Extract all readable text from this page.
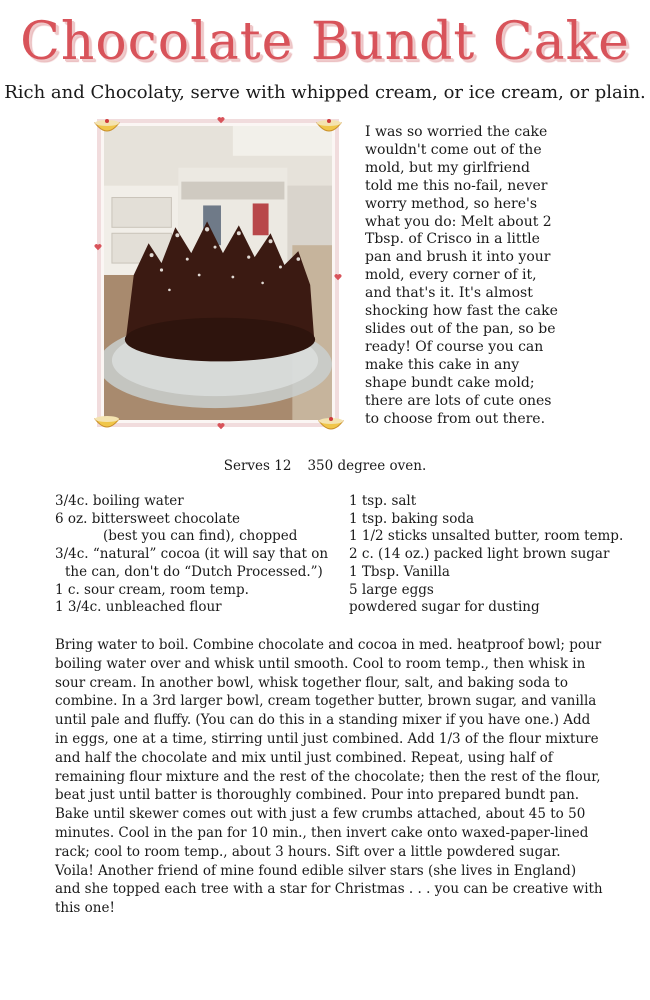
Chocolate Bundt Cake
Rich and Chocolaty, serve with whipped cream, or ice cream, or plain.
I was so worried the cake wouldn't come out of the mold, but my girlfriend told me this no-fail, never worry method, so here's what you do: Melt about 2 Tbsp. of Crisco in a little pan and brush it into your mold, every corner of it, and that's it. It's almost shocking how fast the cake slides out of the pan, so be ready! Of course you can make this cake in any shape bundt cake mold; there are lots of cute ones to choose from out there.
Serves 12 350 degree oven.
3/4c. boiling water
6 oz. bittersweet chocolate
(best you can find), chopped
3/4c. “natural” cocoa (it will say that on
the can, don't do “Dutch Processed.”)
1 c. sour cream, room temp.
1 3/4c. unbleached flour
1 tsp. salt
1 tsp. baking soda
1 1/2 sticks unsalted butter, room temp.
2 c. (14 oz.) packed light brown sugar
1 Tbsp. Vanilla
5 large eggs
powdered sugar for dusting
Bring water to boil. Combine chocolate and cocoa in med. heatproof bowl; pour boiling water over and whisk until smooth. Cool to room temp., then whisk in sour cream. In another bowl, whisk together flour, salt, and baking soda to combine. In a 3rd larger bowl, cream together butter, brown sugar, and vanilla until pale and fluffy. (You can do this in a standing mixer if you have one.) Add in eggs, one at a time, stirring until just combined. Add 1/3 of the flour mixture and half the chocolate and mix until just combined. Repeat, using half of remaining flour mixture and the rest of the chocolate; then the rest of the flour, beat just until batter is thoroughly combined. Pour into prepared bundt pan. Bake until skewer comes out with just a few crumbs attached, about 45 to 50 minutes. Cool in the pan for 10 min., then invert cake onto waxed-paper-lined rack; cool to room temp., about 3 hours. Sift over a little powdered sugar. Voila! Another friend of mine found edible silver stars (she lives in England) and she topped each tree with a star for Christmas . . . you can be creative with this one!
